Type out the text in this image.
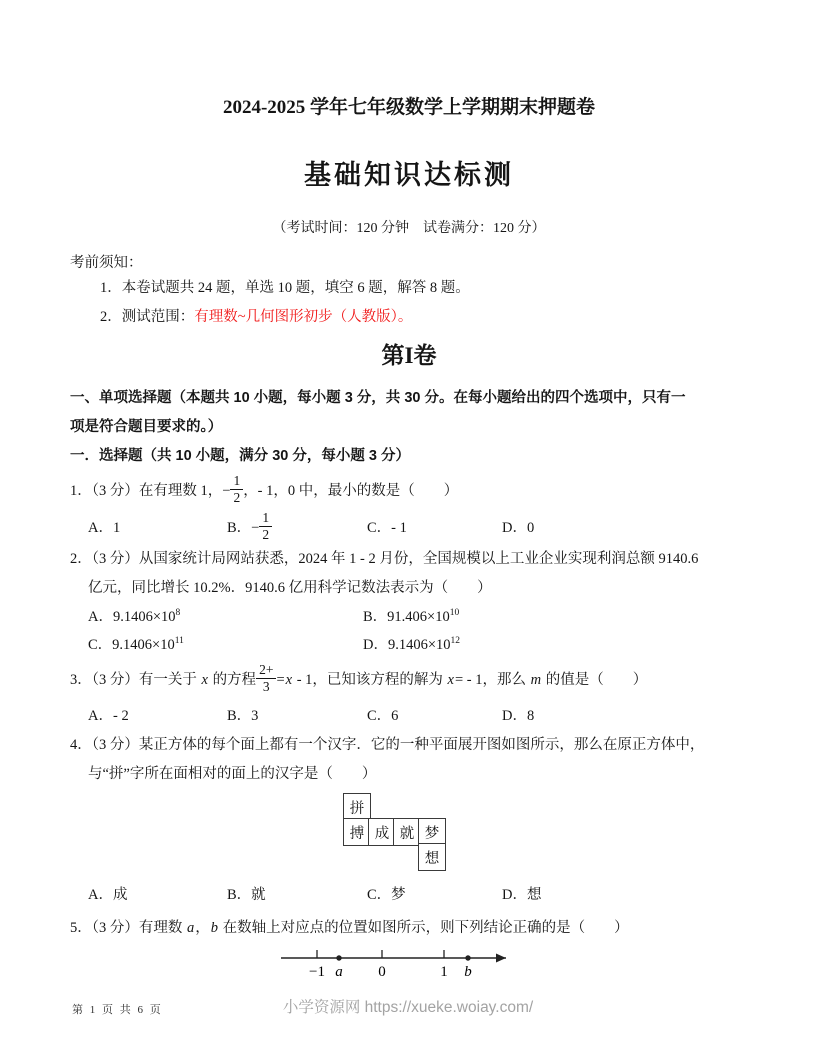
2024-2025 学年七年级数学上学期期末押题卷
基础知识达标测
（考试时间：120 分钟　试卷满分：120 分）
考前须知：
1．本卷试题共 24 题，单选 10 题，填空 6 题，解答 8 题。
2．测试范围：有理数~几何图形初步（人教版）。
第I卷
一、单项选择题（本题共 10 小题，每小题 3 分，共 30 分。在每小题给出的四个选项中，只有一
项是符合题目要求的。）
一．选择题（共 10 小题，满分 30 分，每小题 3 分）
1．（3 分）在有理数 1，− $\frac{1}{2}$ ，- 1，0 中，最小的数是（　　）
A．1	B．− $\frac{1}{2}$	C．- 1	D．0
2．（3 分）从国家统计局网站获悉，2024 年 1 - 2 月份，全国规模以上工业企业实现利润总额 9140.6
亿元，同比增长 10.2%．9140.6 亿用科学记数法表示为（　　）
A．$9.1406\times 10^8$	B．$91.406\times 10^{10}$
C．$9.1406\times 10^{11}$	D．$9.1406\times 10^{12}$
3．（3 分）有一关于 x 的方程 $\frac{2+}{3} =x - 1$，已知该方程的解为 x= - 1，那么 m 的值是（　　）
A．- 2	B．3	C．6	D．8
4．（3 分）某正方体的每个面上都有一个汉字．它的一种平面展开图如图所示，那么在原正方体中，
与“拼”字所在面相对的面上的汉字是（　　）
拼
搏 成 就 梦
想
A．成	B．就	C．梦	D．想
5．（3 分）有理数 a，b 在数轴上对应点的位置如图所示，则下列结论正确的是（　　）
−1 a 0	1 b
第 1 页 共 6 页	小学资源网 https://xueke.woiay.com/
